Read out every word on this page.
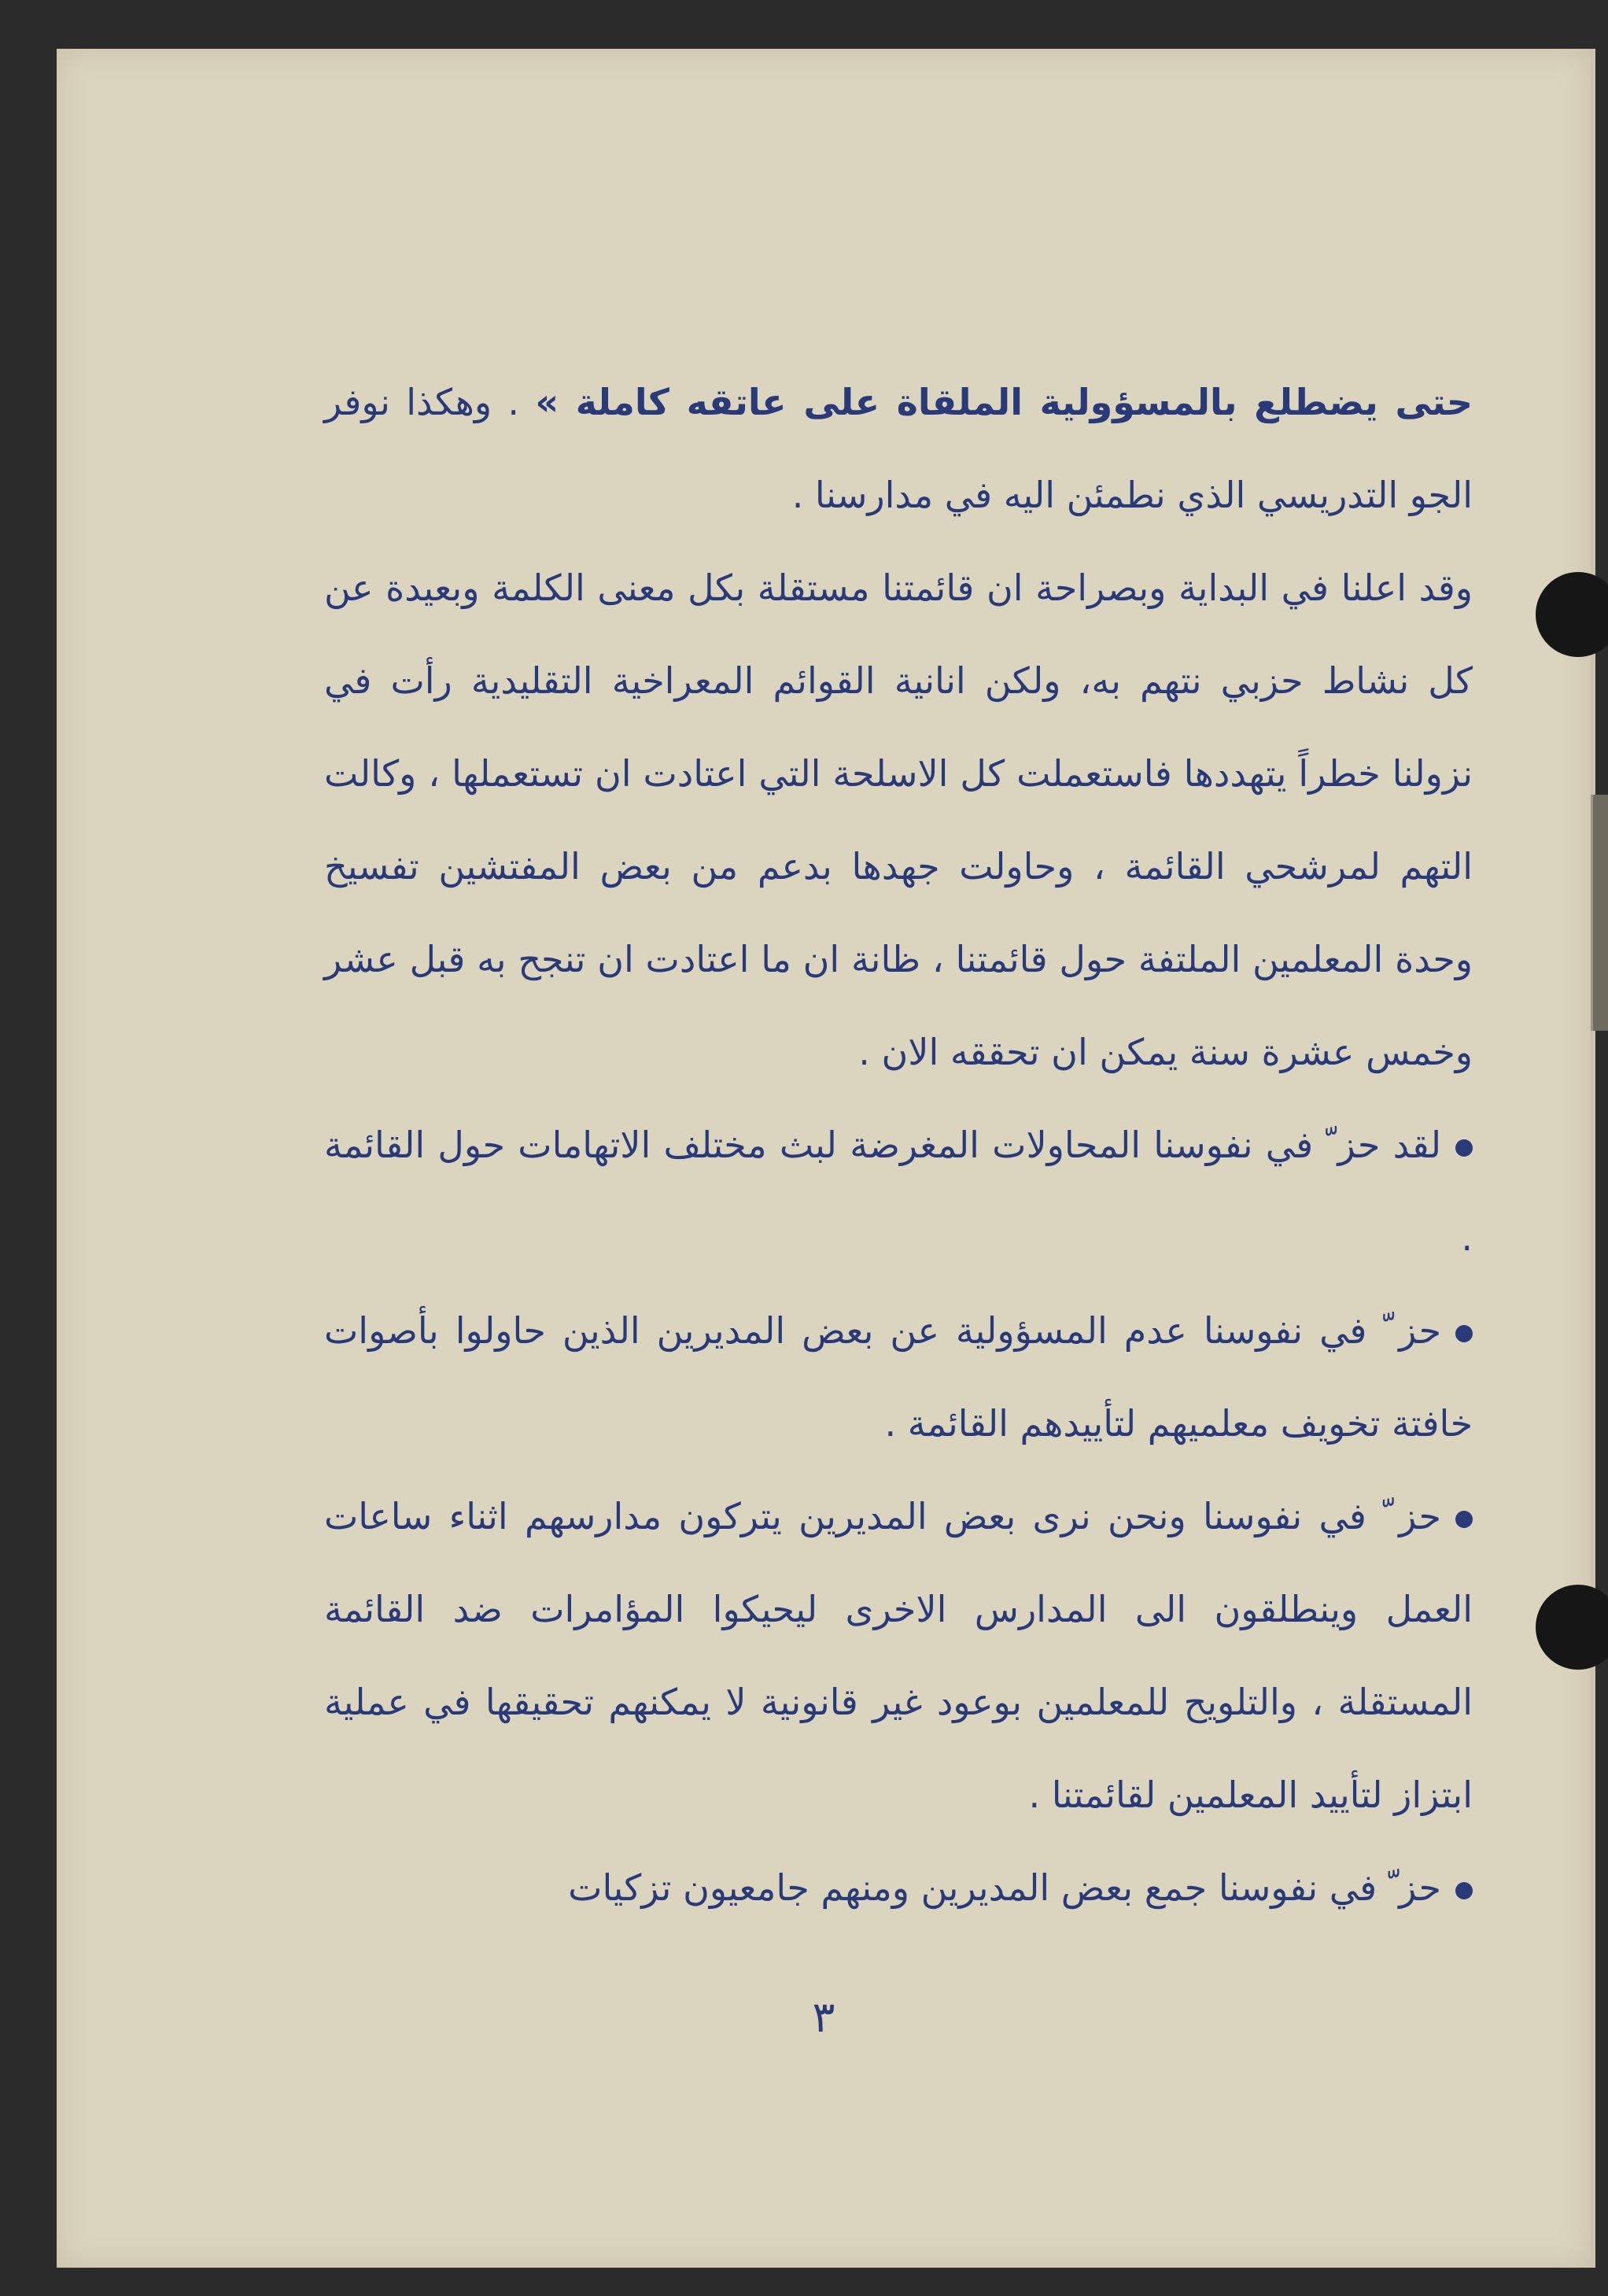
حتى يضطلع بالمسؤولية الملقاة على عاتقه كاملة » . وهكذا نوفر الجو التدريسي الذي نطمئن اليه في مدارسنا .

وقد اعلنا في البداية وبصراحة ان قائمتنا مستقلة بكل معنى الكلمة وبعيدة عن كل نشاط حزبي نتهم به، ولكن انانية القوائم المعراخية التقليدية رأت في نزولنا خطراً يتهددها فاستعملت كل الاسلحة التي اعتادت ان تستعملها ، وكالت التهم لمرشحي القائمة ، وحاولت جهدها بدعم من بعض المفتشين تفسيخ وحدة المعلمين الملتفة حول قائمتنا ، ظانة ان ما اعتادت ان تنجح به قبل عشر وخمس عشرة سنة يمكن ان تحققه الان .

لقد حز ّ في نفوسنا المحاولات المغرضة لبث مختلف الاتهامات حول القائمة .

حز ّ في نفوسنا عدم المسؤولية عن بعض المديرين الذين حاولوا بأصوات خافتة تخويف معلميهم لتأييدهم القائمة .

حز ّ في نفوسنا ونحن نرى بعض المديرين يتركون مدارسهم اثناء ساعات العمل وينطلقون الى المدارس الاخرى ليحيكوا المؤامرات ضد القائمة المستقلة ، والتلويح للمعلمين بوعود غير قانونية لا يمكنهم تحقيقها في عملية ابتزاز لتأييد المعلمين لقائمتنا .

حز ّ في نفوسنا جمع بعض المديرين ومنهم جامعيون تزكيات

٣
